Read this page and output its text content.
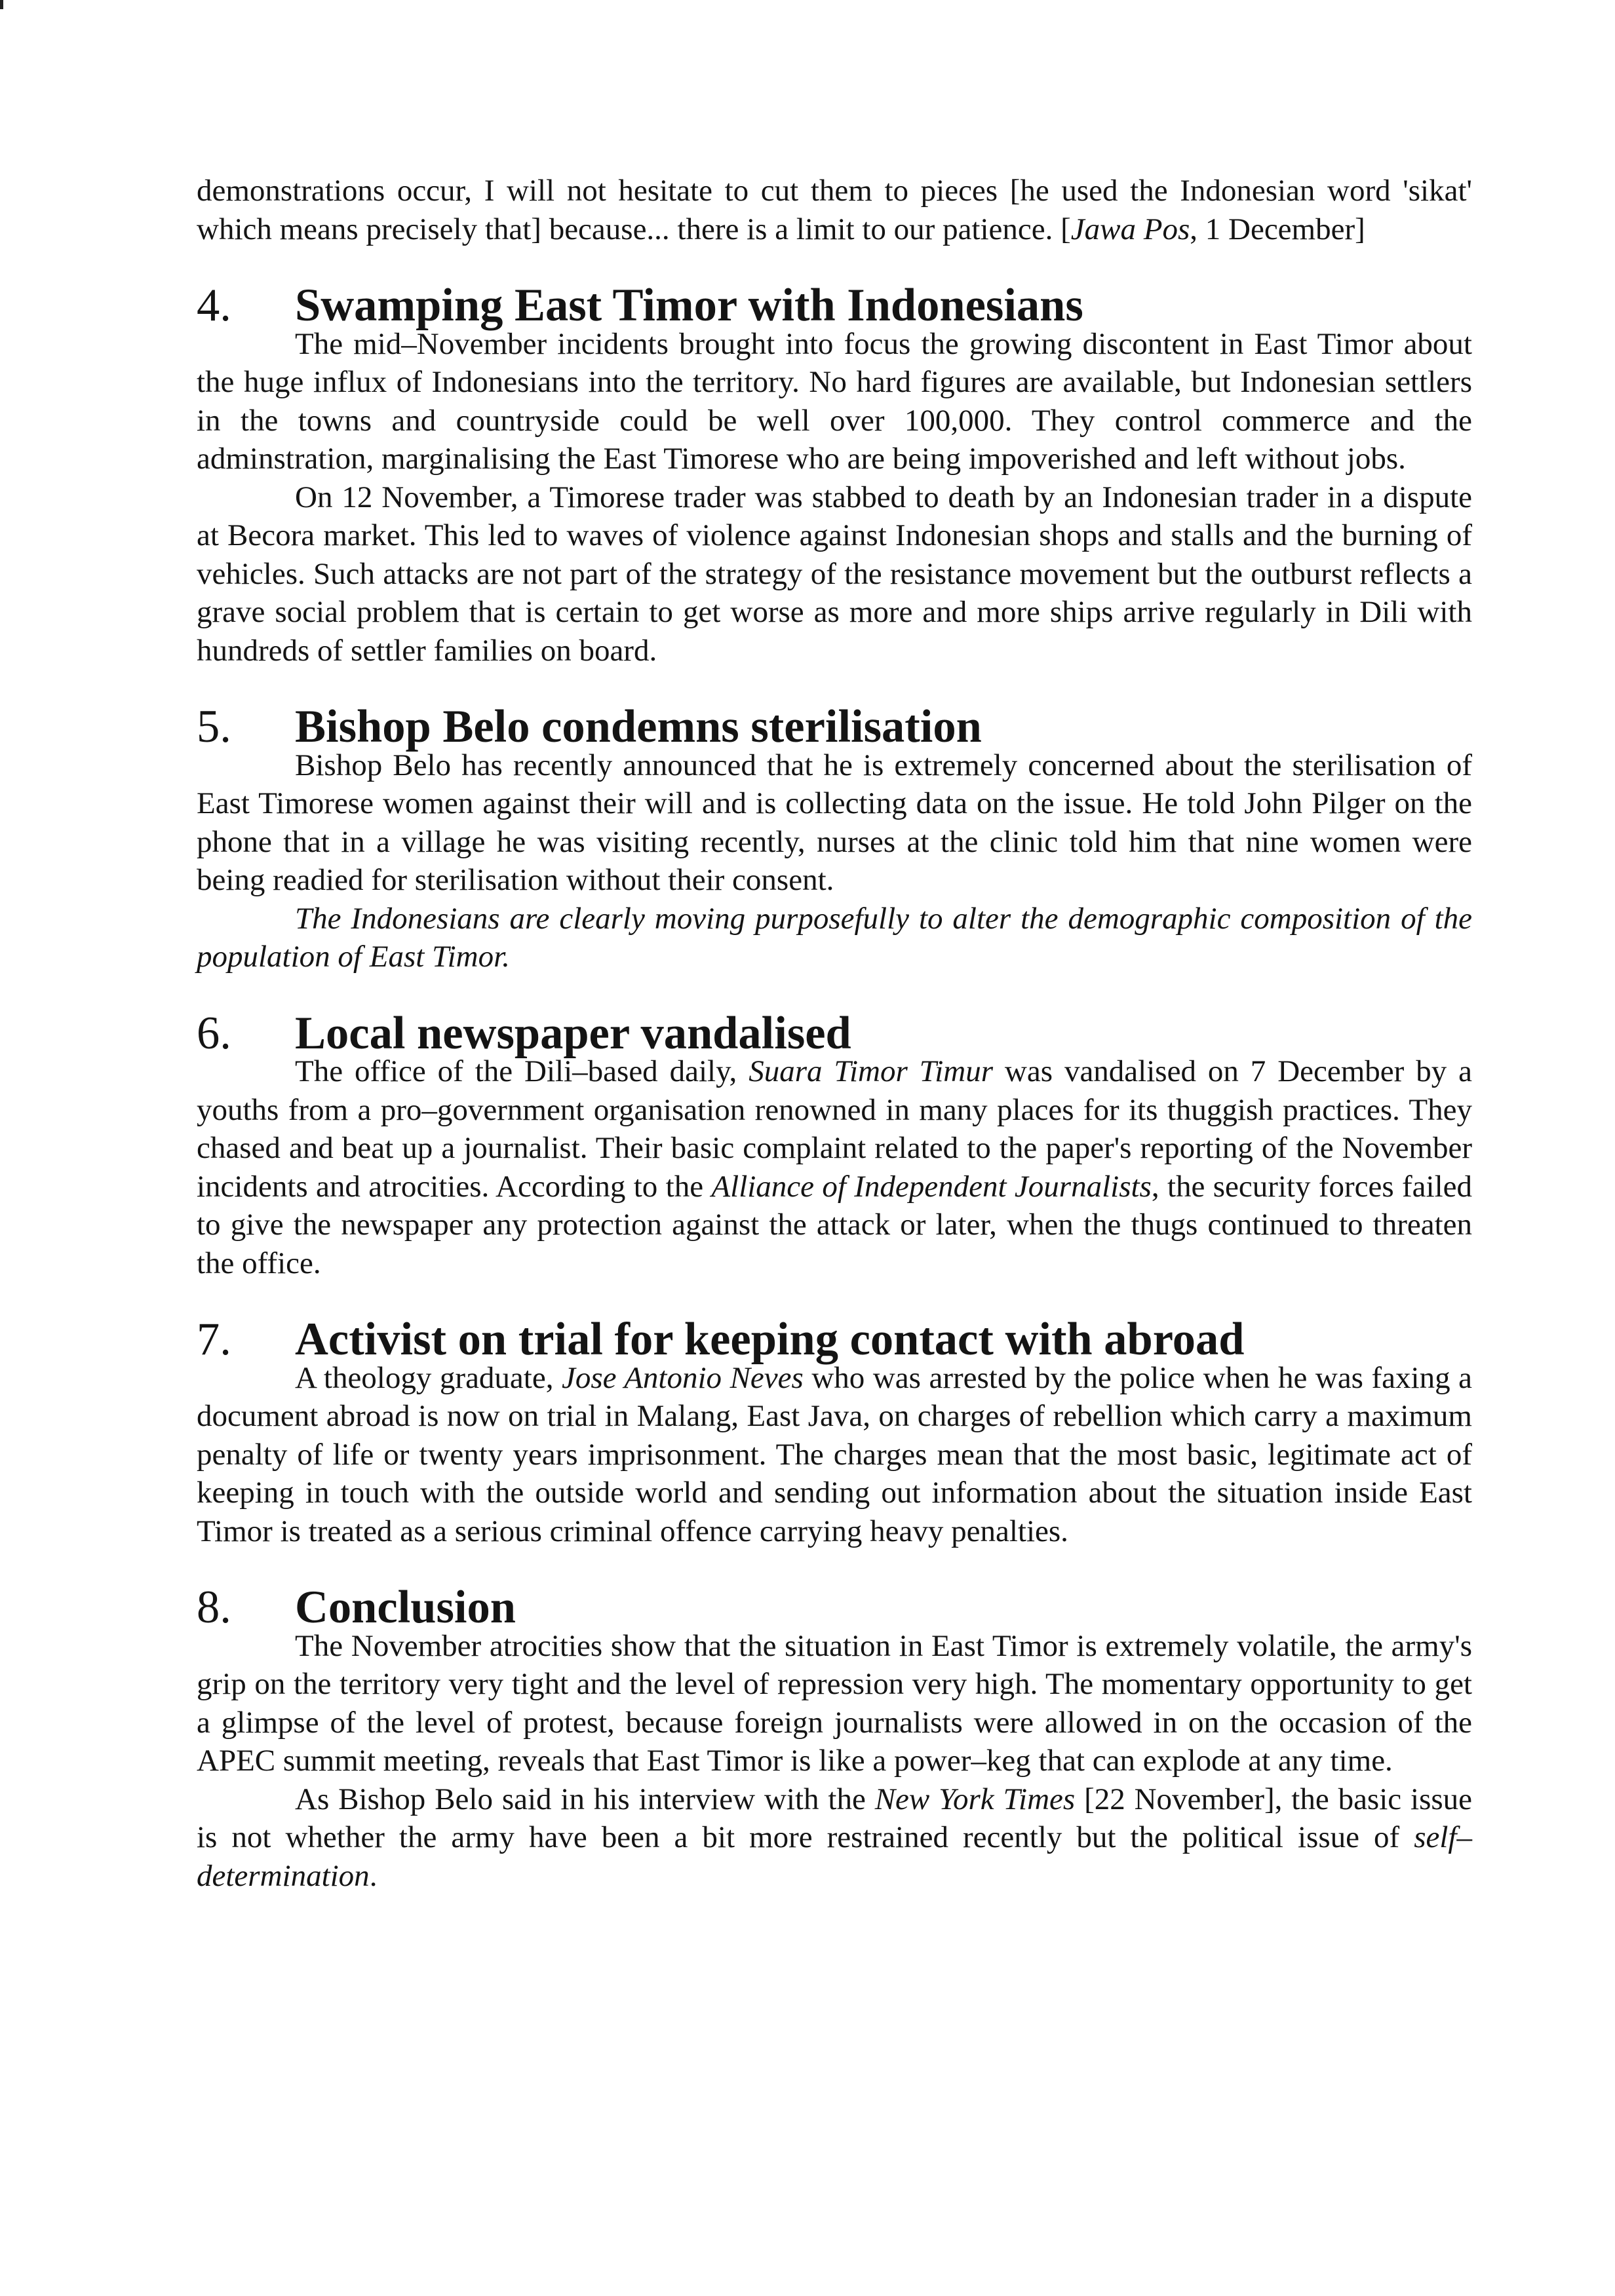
demonstrations occur, I will not hesitate to cut them to pieces [he used the Indonesian word 'sikat' which means precisely that] because... there is a limit to our patience. [Jawa Pos, 1 December]

4.	Swamping East Timor with Indonesians

The mid–November incidents brought into focus the growing discontent in East Timor about the huge influx of Indonesians into the territory. No hard figures are available, but Indonesian settlers in the towns and countryside could be well over 100,000. They control commerce and the adminstration, marginalising the East Timorese who are being impoverished and left without jobs.

On 12 November, a Timorese trader was stabbed to death by an Indonesian trader in a dispute at Becora market. This led to waves of violence against Indonesian shops and stalls and the burning of vehicles. Such attacks are not part of the strategy of the resistance movement but the outburst reflects a grave social problem that is certain to get worse as more and more ships arrive regularly in Dili with hundreds of settler families on board.

5.	Bishop Belo condemns sterilisation

Bishop Belo has recently announced that he is extremely concerned about the sterilisation of East Timorese women against their will and is collecting data on the issue. He told John Pilger on the phone that in a village he was visiting recently, nurses at the clinic told him that nine women were being readied for sterilisation without their consent.

The Indonesians are clearly moving purposefully to alter the demographic composition of the population of East Timor.

6.	Local newspaper vandalised

The office of the Dili–based daily, Suara Timor Timur was vandalised on 7 December by a youths from a pro–government organisation renowned in many places for its thuggish practices. They chased and beat up a journalist. Their basic complaint related to the paper's reporting of the November incidents and atrocities. According to the Alliance of Independent Journalists, the security forces failed to give the newspaper any protection against the attack or later, when the thugs continued to threaten the office.

7.	Activist on trial for keeping contact with abroad

A theology graduate, Jose Antonio Neves who was arrested by the police when he was faxing a document abroad is now on trial in Malang, East Java, on charges of rebellion which carry a maximum penalty of life or twenty years imprisonment. The charges mean that the most basic, legitimate act of keeping in touch with the outside world and sending out information about the situation inside East Timor is treated as a serious criminal offence carrying heavy penalties.

8.	Conclusion

The November atrocities show that the situation in East Timor is extremely volatile, the army's grip on the territory very tight and the level of repression very high. The momentary opportunity to get a glimpse of the level of protest, because foreign journalists were allowed in on the occasion of the APEC summit meeting, reveals that East Timor is like a power–keg that can explode at any time.

As Bishop Belo said in his interview with the New York Times [22 November], the basic issue is not whether the army have been a bit more restrained recently but the political issue of self–determination.
